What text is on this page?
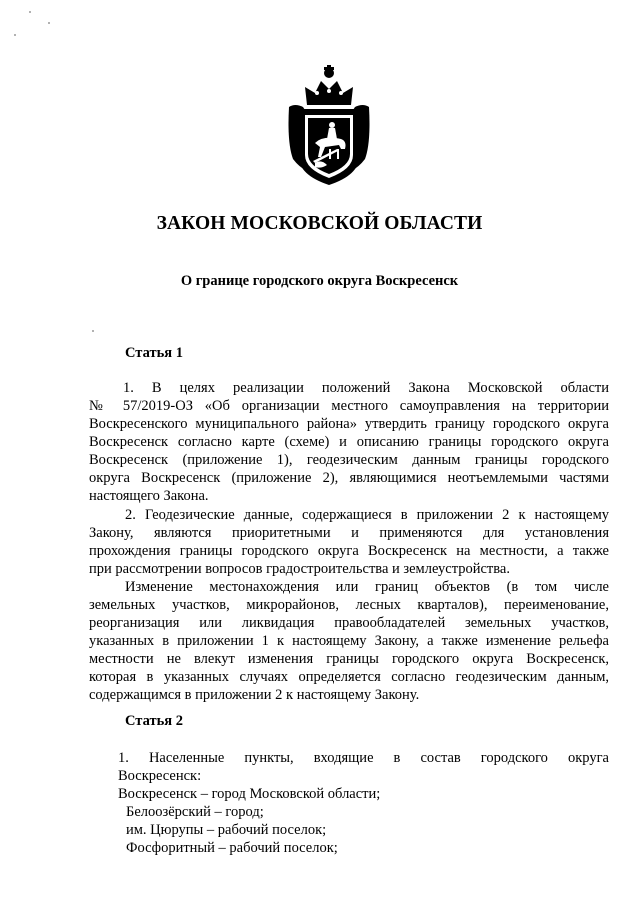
ЗАКОН МОСКОВСКОЙ ОБЛАСТИ
О границе городского округа Воскресенск
Статья 1
1. В целях реализации положений Закона Московской области
№ 57/2019-ОЗ «Об организации местного самоуправления на территории
Воскресенского муниципального района» утвердить границу городского округа
Воскресенск согласно карте (схеме) и описанию границы городского округа
Воскресенск (приложение 1), геодезическим данным границы городского
округа Воскресенск (приложение 2), являющимися неотъемлемыми частями
настоящего Закона.
2. Геодезические данные, содержащиеся в приложении 2 к настоящему
Закону, являются приоритетными и применяются для установления
прохождения границы городского округа Воскресенск на местности, а также
при рассмотрении вопросов градостроительства и землеустройства.
Изменение местонахождения или границ объектов (в том числе
земельных участков, микрорайонов, лесных кварталов), переименование,
реорганизация или ликвидация правообладателей земельных участков,
указанных в приложении 1 к настоящему Закону, а также изменение рельефа
местности не влекут изменения границы городского округа Воскресенск,
которая в указанных случаях определяется согласно геодезическим данным,
содержащимся в приложении 2 к настоящему Закону.
Статья 2
1. Населенные пункты, входящие в состав городского округа
Воскресенск:
Воскресенск – город Московской области;
Белоозёрский – город;
им. Цюрупы – рабочий поселок;
Фосфоритный – рабочий поселок;
